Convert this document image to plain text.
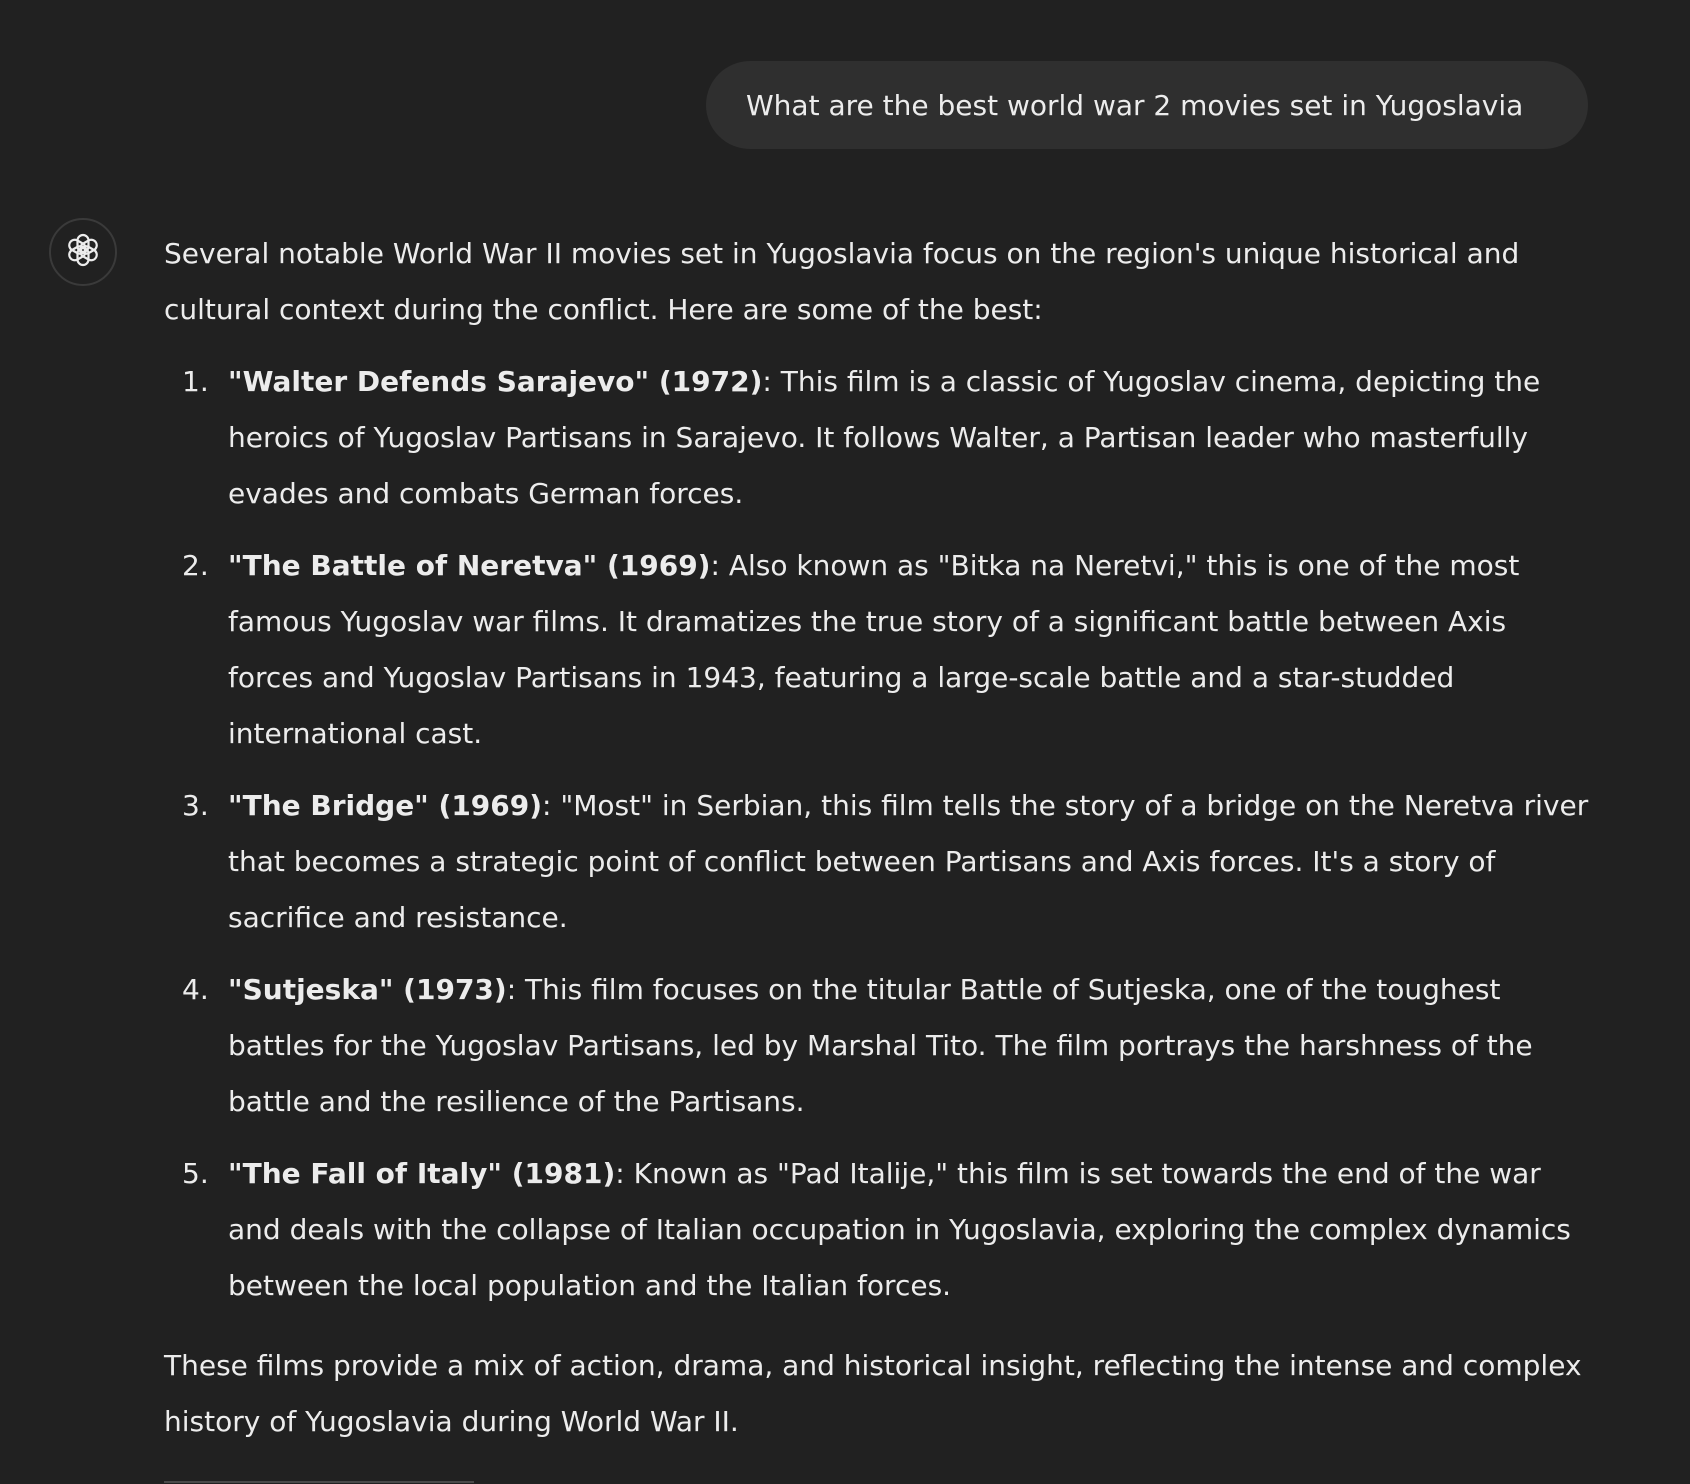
What are the best world war 2 movies set in Yugoslavia

Several notable World War II movies set in Yugoslavia focus on the region's unique historical and cultural context during the conflict. Here are some of the best:

1. "Walter Defends Sarajevo" (1972): This film is a classic of Yugoslav cinema, depicting the heroics of Yugoslav Partisans in Sarajevo. It follows Walter, a Partisan leader who masterfully evades and combats German forces.
2. "The Battle of Neretva" (1969): Also known as "Bitka na Neretvi," this is one of the most famous Yugoslav war films. It dramatizes the true story of a significant battle between Axis forces and Yugoslav Partisans in 1943, featuring a large-scale battle and a star-studded international cast.
3. "The Bridge" (1969): "Most" in Serbian, this film tells the story of a bridge on the Neretva river that becomes a strategic point of conflict between Partisans and Axis forces. It's a story of sacrifice and resistance.
4. "Sutjeska" (1973): This film focuses on the titular Battle of Sutjeska, one of the toughest battles for the Yugoslav Partisans, led by Marshal Tito. The film portrays the harshness of the battle and the resilience of the Partisans.
5. "The Fall of Italy" (1981): Known as "Pad Italije," this film is set towards the end of the war and deals with the collapse of Italian occupation in Yugoslavia, exploring the complex dynamics between the local population and the Italian forces.

These films provide a mix of action, drama, and historical insight, reflecting the intense and complex history of Yugoslavia during World War II.
